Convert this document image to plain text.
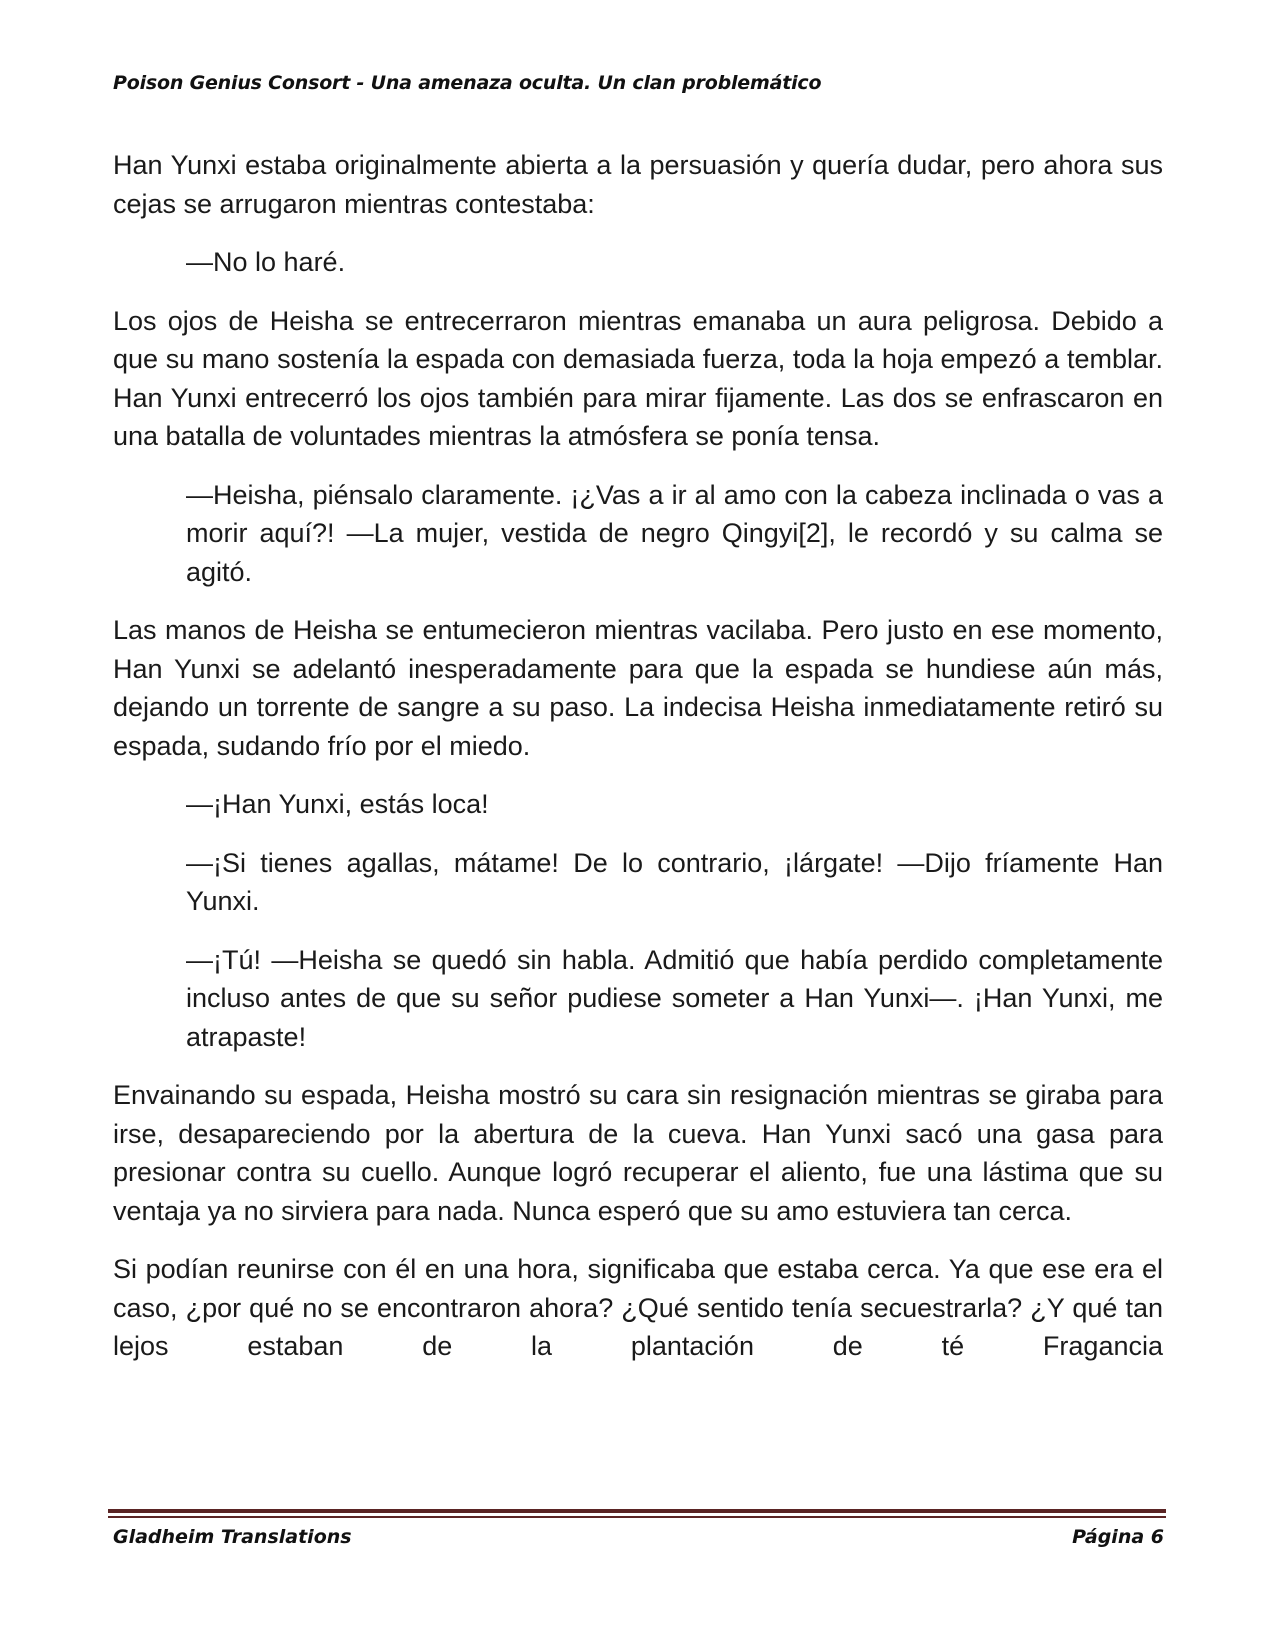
Poison Genius Consort - Una amenaza oculta. Un clan problemático

Han Yunxi estaba originalmente abierta a la persuasión y quería dudar, pero ahora sus cejas se arrugaron mientras contestaba:

—No lo haré.

Los ojos de Heisha se entrecerraron mientras emanaba un aura peligrosa. Debido a que su mano sostenía la espada con demasiada fuerza, toda la hoja empezó a temblar. Han Yunxi entrecerró los ojos también para mirar fijamente. Las dos se enfrascaron en una batalla de voluntades mientras la atmósfera se ponía tensa.

—Heisha, piénsalo claramente. ¡¿Vas a ir al amo con la cabeza inclinada o vas a morir aquí?! —La mujer, vestida de negro Qingyi[2], le recordó y su calma se agitó.

Las manos de Heisha se entumecieron mientras vacilaba. Pero justo en ese momento, Han Yunxi se adelantó inesperadamente para que la espada se hundiese aún más, dejando un torrente de sangre a su paso. La indecisa Heisha inmediatamente retiró su espada, sudando frío por el miedo.

—¡Han Yunxi, estás loca!

—¡Si tienes agallas, mátame! De lo contrario, ¡lárgate! —Dijo fríamente Han Yunxi.

—¡Tú! —Heisha se quedó sin habla. Admitió que había perdido completamente incluso antes de que su señor pudiese someter a Han Yunxi—. ¡Han Yunxi, me atrapaste!

Envainando su espada, Heisha mostró su cara sin resignación mientras se giraba para irse, desapareciendo por la abertura de la cueva. Han Yunxi sacó una gasa para presionar contra su cuello. Aunque logró recuperar el aliento, fue una lástima que su ventaja ya no sirviera para nada. Nunca esperó que su amo estuviera tan cerca.

Si podían reunirse con él en una hora, significaba que estaba cerca. Ya que ese era el caso, ¿por qué no se encontraron ahora? ¿Qué sentido tenía secuestrarla? ¿Y qué tan lejos estaban de la plantación de té Fragancia

Gladheim Translations	Página 6
